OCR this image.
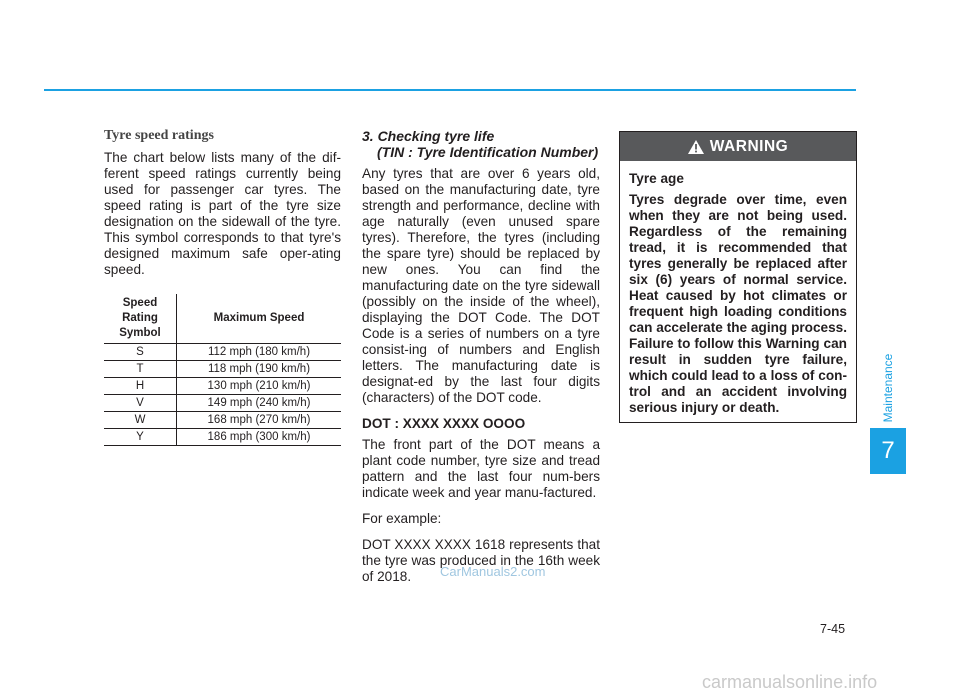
Tyre speed ratings

The chart below lists many of the dif-ferent speed ratings currently being used for passenger car tyres. The speed rating is part of the tyre size designation on the sidewall of the tyre. This symbol corresponds to that tyre's designed maximum safe oper-ating speed.

Speed Rating Symbol	Maximum Speed
S	112 mph (180 km/h)
T	118 mph (190 km/h)
H	130 mph (210 km/h)
V	149 mph (240 km/h)
W	168 mph (270 km/h)
Y	186 mph (300 km/h)
3. Checking tyre life
(TIN : Tyre Identification Number)

Any tyres that are over 6 years old, based on the manufacturing date, tyre strength and performance, decline with age naturally (even unused spare tyres). Therefore, the tyres (including the spare tyre) should be replaced by new ones. You can find the manufacturing date on the tyre sidewall (possibly on the inside of the wheel), displaying the DOT Code. The DOT Code is a series of numbers on a tyre consist-ing of numbers and English letters. The manufacturing date is designat-ed by the last four digits (characters) of the DOT code.

DOT : XXXX XXXX OOOO

The front part of the DOT means a plant code number, tyre size and tread pattern and the last four num-bers indicate week and year manu-factured.

For example:

DOT XXXX XXXX 1618 represents that the tyre was produced in the 16th week of 2018.

WARNING

Tyre age

Tyres degrade over time, even when they are not being used. Regardless of the remaining tread, it is recommended that tyres generally be replaced after six (6) years of normal service. Heat caused by hot climates or frequent high loading conditions can accelerate the aging process. Failure to follow this Warning can result in sudden tyre failure, which could lead to a loss of con-trol and an accident involving serious injury or death.	Maintenance
7
7-45
CarManuals2.com
carmanualsonline.info
